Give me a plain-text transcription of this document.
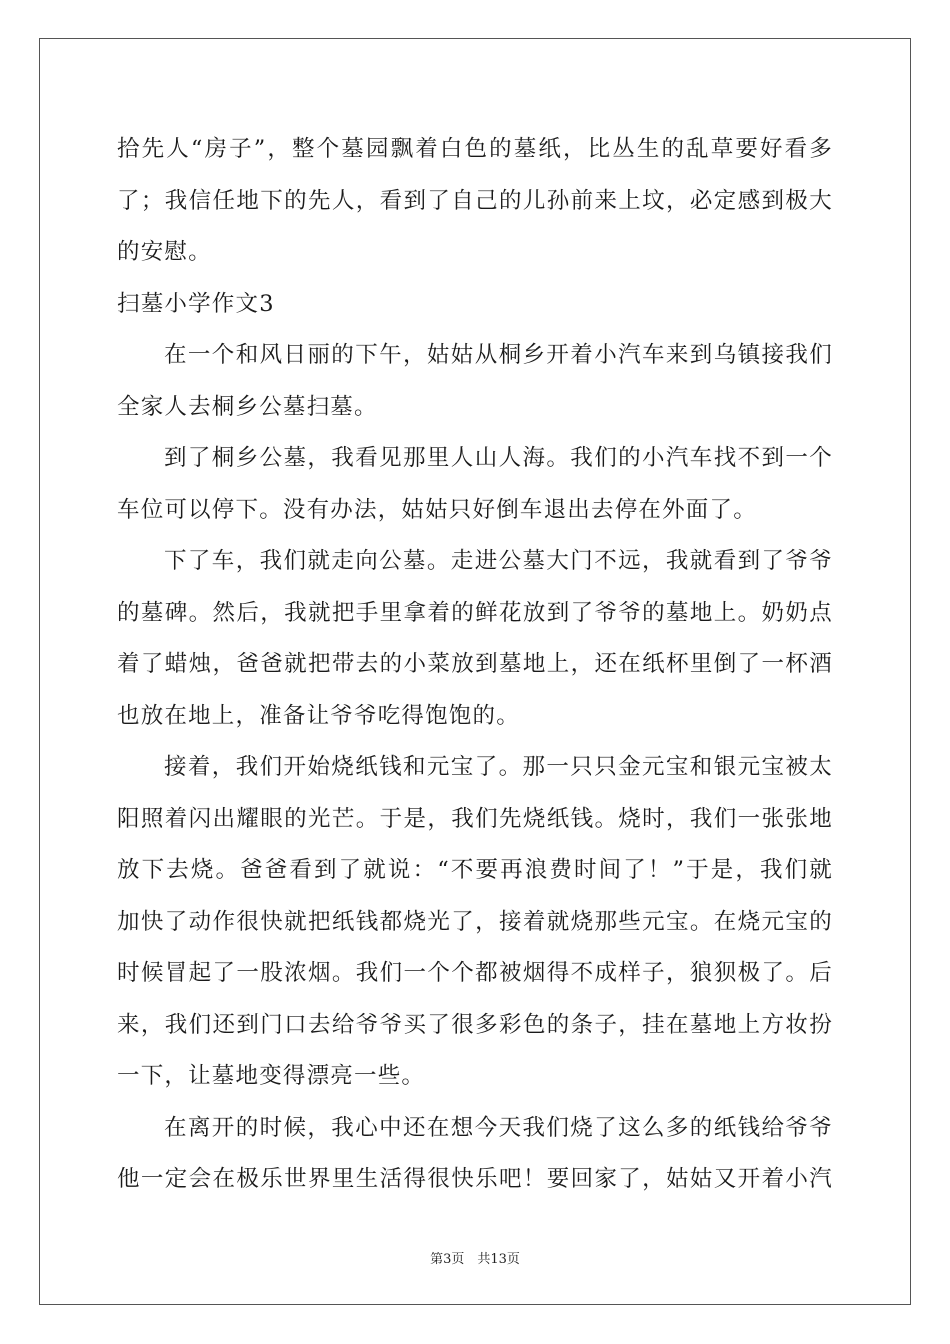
拾先人“房子”，整个墓园飘着白色的墓纸，比丛生的乱草要好看多
了；我信任地下的先人，看到了自己的儿孙前来上坟，必定感到极大
的安慰。
扫墓小学作文3
在一个和风日丽的下午，姑姑从桐乡开着小汽车来到乌镇接我们
全家人去桐乡公墓扫墓。
到了桐乡公墓，我看见那里人山人海。我们的小汽车找不到一个
车位可以停下。没有办法，姑姑只好倒车退出去停在外面了。
下了车，我们就走向公墓。走进公墓大门不远，我就看到了爷爷
的墓碑。然后，我就把手里拿着的鲜花放到了爷爷的墓地上。奶奶点
着了蜡烛，爸爸就把带去的小菜放到墓地上，还在纸杯里倒了一杯酒
也放在地上，准备让爷爷吃得饱饱的。
接着，我们开始烧纸钱和元宝了。那一只只金元宝和银元宝被太
阳照着闪出耀眼的光芒。于是，我们先烧纸钱。烧时，我们一张张地
放下去烧。爸爸看到了就说：“不要再浪费时间了！”于是，我们就
加快了动作很快就把纸钱都烧光了，接着就烧那些元宝。在烧元宝的
时候冒起了一股浓烟。我们一个个都被烟得不成样子，狼狈极了。后
来，我们还到门口去给爷爷买了很多彩色的条子，挂在墓地上方妆扮
一下，让墓地变得漂亮一些。
在离开的时候，我心中还在想今天我们烧了这么多的纸钱给爷爷
他一定会在极乐世界里生活得很快乐吧！要回家了，姑姑又开着小汽
第3页　共13页
